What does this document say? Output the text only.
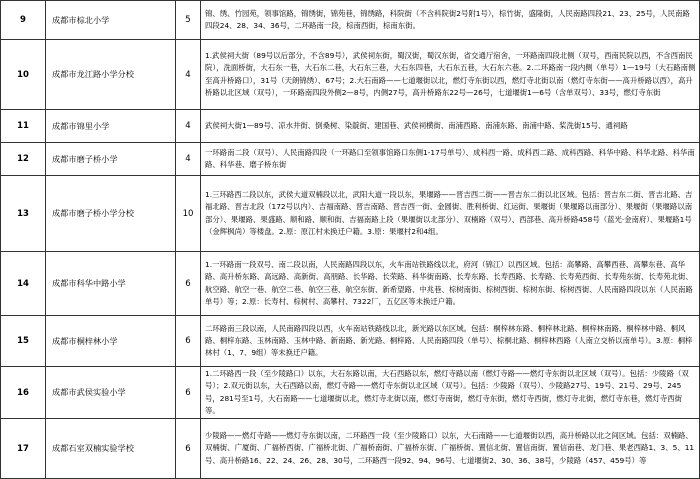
9	成都市棕北小学	5	锦、绣、竹园苑，领事馆路，锦绣街，锦苑巷，锦绣路，科院街（不含科院街2号附1号），棕竹街，盛隆街，人民南路四段21、23、25号，人民南路四段24、28、34、36号，二环路南一段，棕南西街，棕南东街。
10	成都市龙江路小学分校	4	1.武侯祠大街（89号以后部分，不含89号），武侯祠东街，蜀汉街，蜀汉东街，省交通厅宿舍，一环路南四段北侧（双号，西南民院以西，不含西南民院），洗面桥街，大石东一巷，大石东二巷，大石东三巷，大石东四巷，大石东五巷，大石东六巷。2.二环路南一段内侧（单号）1—19号（大石路南侧至高升桥路口），31号（天朗锦绣）、67号；2.大石南路——七道堰街以北，燃灯寺东街以西，燃灯寺北街以南（燃灯寺东街——高升桥路以西），高升桥路以北区域（双号），一环路南四段外侧2—8号，内侧27号，高升桥路东22号—26号，七道堰街1—6号（含单双号）、33号，燃灯寺东街
11	成都市锦里小学	4	武侯祠大街1—89号、凉水井街、倒桑树、染靛街、建国巷、武侯祠横街、南浦西路、南浦东路、南浦中路、桨洗街15号、通祠路
12	成都市磨子桥小学	4	一环路南二段（双号）、人民南路四段（一环路口至领事馆路口东侧1-17号单号）、成科西一路、成科西二路、成科西路、科华中路、科华北路、科华南路、科华巷、磨子桥东街
13	成都市磨子桥小学分校	10	1.三环路西二段以东，武侯大道双楠段以北，武阳大道一段以东，果堰路——晋吉西二街——晋吉东二街以北区域。包括：晋吉东二街、晋吉北路、吉福北路、晋吉北段（172号以内）、吉福南路、晋吉南路、晋吉西一街、金圆街、胜利桥街、红运街、果堰街（果堰路以南部分）、果堰街（果堰路以南部分）、果堰路、果盛路、顺和路、顺和街、吉福南路上段（果堰街以北部分）、双楠路（双号）、西部巷、高升桥路458号（蓝光·金南府）、果堰路1号（金辉枫尚）等楼盘。2.原：原江村未换迁户籍。3.原：果堰村2和4组。
14	成都市科华中路小学	6	1.一环路南一段双号、南二段以南，人民南路四段以东，火车南站铁路线以北，府河（锦江）以西区域。包括：高攀路、高攀西巷、高攀东巷、高华路、高升桥东路、高远路、高新街、高朋路、长华路、长荣路、科华街南路、长寿东路、长寿西路、长寿路、长寿苑西街、长寿苑东街、长寿苑北街、航空路、航空一巷、航空二巷、航空三巷、航空东街、新希望路、中兆巷、棕树南街、棕树西街、棕树东街、棕树西街、人民南路四段以东（人民南路单号）等；2.原：长寿村、棕树村、高攀村、7322厂，五亿区等未换迁户籍。
15	成都市桐梓林小学	6	二环路南三段以南，人民南路四段以西，火车南站铁路线以北，新光路以东区域。包括：桐梓林东路、桐梓林北路、桐梓林南路、桐梓林中路、桐风路、桐梓东路、玉林南路、玉林中路、新南路、新光路、桐梓路、人民南路四段（单号）、棕桐北路、桐梓林西路（人南立交桥以南单号）。3.原：桐梓林村（1、7、9组）等未换迁户籍。
16	成都市武侯实验小学	6	1.二环路西一段（至少陵路口）以东，大石东路以南，大石西路以东，燃灯寺路以南（燃灯寺路——燃灯寺东街以北区域（双号）。包括：少陵路（双号）；2.双元街以东，大石西路以南，燃灯寺路——燃灯寺东街以北区域（双号）。包括：少陵路（双号）、少陵路27号、19号、21号、29号、245号，281号至1号，大石南路——七道堰街以北，燃灯寺北街以南，燃灯寺南街，燃灯寺东街，燃灯寺西街，燃灯寺北街，燃灯寺东巷，燃灯寺西街等。
17	成都石室双楠实验学校	6	少陵路——燃灯寺路——燃灯寺东街以南，二环路西一段（至少陵路口）以东，大石南路——七道堰街以西，高升桥路以北之间区域。包括：双楠路、双楠街、广厦街、广福桥西街、广福桥北街、广福桥南街、广福桥东街、广福桥街、置信北街、置信南街、置信南巷、龙门巷、果老西路1、3、5、11号、高升桥路16、22、24、26、28、30号，二环路西一段92、94、96号、七道堰街2、30、36、38号，少陵路（457、459号）等
